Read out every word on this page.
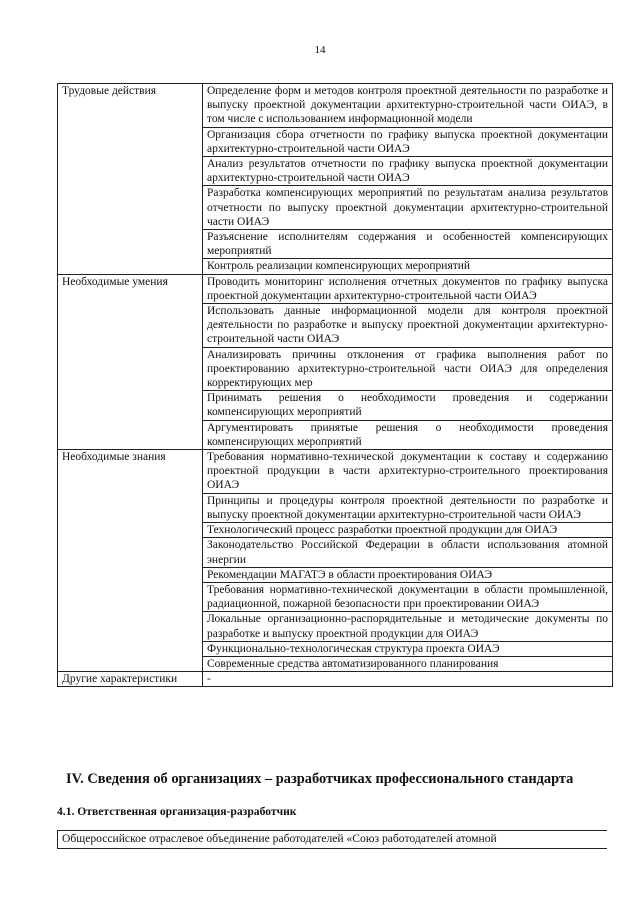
14
Трудовые действия	Определение форм и методов контроля проектной деятельности по разработке и выпуску проектной документации архитектурно-строительной части ОИАЭ, в том числе с использованием информационной модели
	Организация сбора отчетности по графику выпуска проектной документации архитектурно-строительной части ОИАЭ
	Анализ результатов отчетности по графику выпуска проектной документации архитектурно-строительной части ОИАЭ
	Разработка компенсирующих мероприятий по результатам анализа результатов отчетности по выпуску проектной документации архитектурно-строительной части ОИАЭ
	Разъяснение исполнителям содержания и особенностей компенсирующих мероприятий
	Контроль реализации компенсирующих мероприятий
Необходимые умения	Проводить мониторинг исполнения отчетных документов по графику выпуска проектной документации архитектурно-строительной части ОИАЭ
	Использовать данные информационной модели для контроля проектной деятельности по разработке и выпуску проектной документации архитектурно-строительной части ОИАЭ
	Анализировать причины отклонения от графика выполнения работ по проектированию архитектурно-строительной части ОИАЭ для определения корректирующих мер
	Принимать решения о необходимости проведения и содержании компенсирующих мероприятий
	Аргументировать принятые решения о необходимости проведения компенсирующих мероприятий
Необходимые знания	Требования нормативно-технической документации к составу и содержанию проектной продукции в части архитектурно-строительного проектирования ОИАЭ
	Принципы и процедуры контроля проектной деятельности по разработке и выпуску проектной документации архитектурно-строительной части ОИАЭ
	Технологический процесс разработки проектной продукции для ОИАЭ
	Законодательство Российской Федерации в области использования атомной энергии
	Рекомендации МАГАТЭ в области проектирования ОИАЭ
	Требования нормативно-технической документации в области промышленной, радиационной, пожарной безопасности при проектировании ОИАЭ
	Локальные организационно-распорядительные и методические документы по разработке и выпуску проектной продукции для ОИАЭ
	Функционально-технологическая структура проекта ОИАЭ
	Современные средства автоматизированного планирования
Другие характеристики	-
IV. Сведения об организациях – разработчиках профессионального стандарта
4.1. Ответственная организация-разработчик
Общероссийское отраслевое объединение работодателей «Союз работодателей атомной
